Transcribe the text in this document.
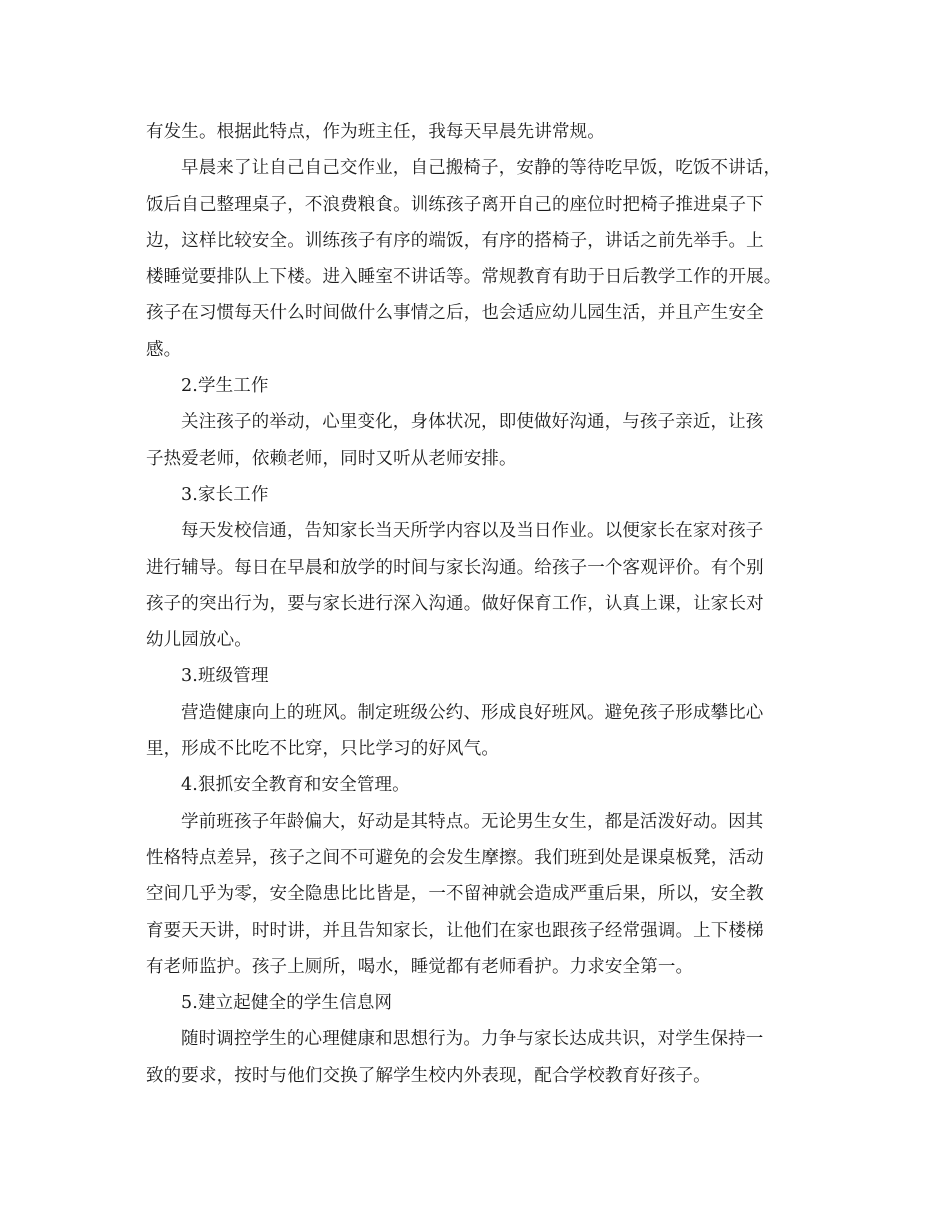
有发生。根据此特点，作为班主任，我每天早晨先讲常规。
早晨来了让自己自己交作业，自己搬椅子，安静的等待吃早饭，吃饭不讲话，
饭后自己整理桌子，不浪费粮食。训练孩子离开自己的座位时把椅子推进桌子下
边，这样比较安全。训练孩子有序的端饭，有序的搭椅子，讲话之前先举手。上
楼睡觉要排队上下楼。进入睡室不讲话等。常规教育有助于日后教学工作的开展。
孩子在习惯每天什么时间做什么事情之后，也会适应幼儿园生活，并且产生安全
感。
2.学生工作
关注孩子的举动，心里变化，身体状况，即使做好沟通，与孩子亲近，让孩
子热爱老师，依赖老师，同时又听从老师安排。
3.家长工作
每天发校信通，告知家长当天所学内容以及当日作业。以便家长在家对孩子
进行辅导。每日在早晨和放学的时间与家长沟通。给孩子一个客观评价。有个别
孩子的突出行为，要与家长进行深入沟通。做好保育工作，认真上课，让家长对
幼儿园放心。
3.班级管理
营造健康向上的班风。制定班级公约、形成良好班风。避免孩子形成攀比心
里，形成不比吃不比穿，只比学习的好风气。
4.狠抓安全教育和安全管理。
学前班孩子年龄偏大，好动是其特点。无论男生女生，都是活泼好动。因其
性格特点差异，孩子之间不可避免的会发生摩擦。我们班到处是课桌板凳，活动
空间几乎为零，安全隐患比比皆是，一不留神就会造成严重后果，所以，安全教
育要天天讲，时时讲，并且告知家长，让他们在家也跟孩子经常强调。上下楼梯
有老师监护。孩子上厕所，喝水，睡觉都有老师看护。力求安全第一。
5.建立起健全的学生信息网
随时调控学生的心理健康和思想行为。力争与家长达成共识，对学生保持一
致的要求，按时与他们交换了解学生校内外表现，配合学校教育好孩子。
